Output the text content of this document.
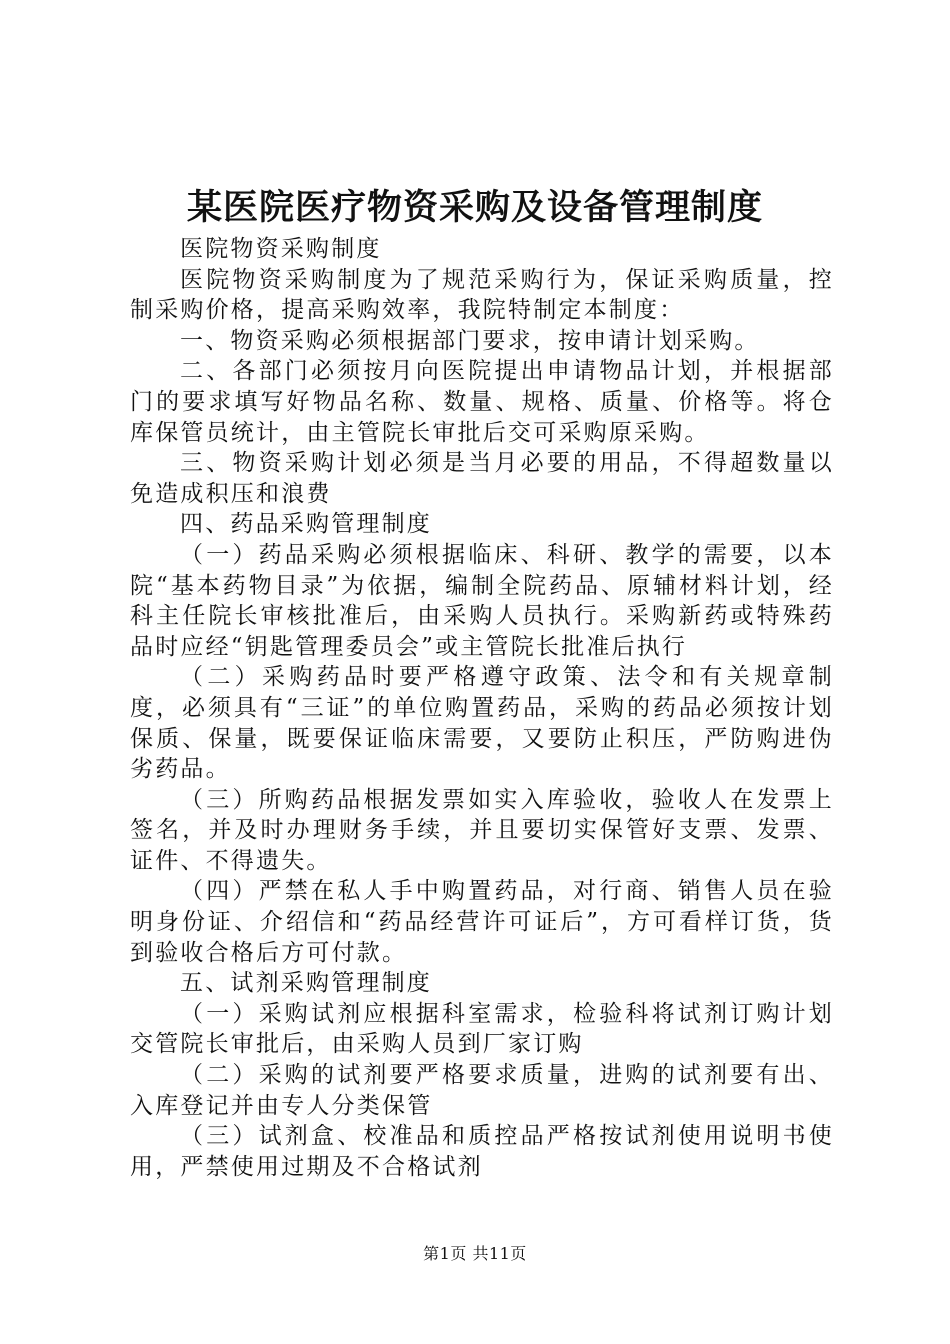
某医院医疗物资采购及设备管理制度

医院物资采购制度

医院物资采购制度为了规范采购行为，保证采购质量，控制采购价格，提高采购效率，我院特制定本制度：

一、物资采购必须根据部门要求，按申请计划采购。

二、各部门必须按月向医院提出申请物品计划，并根据部门的要求填写好物品名称、数量、规格、质量、价格等。将仓库保管员统计，由主管院长审批后交可采购原采购。

三、物资采购计划必须是当月必要的用品，不得超数量以免造成积压和浪费

四、药品采购管理制度

（一）药品采购必须根据临床、科研、教学的需要，以本院“基本药物目录”为依据，编制全院药品、原辅材料计划，经科主任院长审核批准后，由采购人员执行。采购新药或特殊药品时应经“钥匙管理委员会”或主管院长批准后执行

（二）采购药品时要严格遵守政策、法令和有关规章制度，必须具有“三证”的单位购置药品，采购的药品必须按计划保质、保量，既要保证临床需要，又要防止积压，严防购进伪劣药品。

（三）所购药品根据发票如实入库验收，验收人在发票上签名，并及时办理财务手续，并且要切实保管好支票、发票、证件、不得遗失。

（四）严禁在私人手中购置药品，对行商、销售人员在验明身份证、介绍信和“药品经营许可证后”，方可看样订货，货到验收合格后方可付款。

五、试剂采购管理制度

（一）采购试剂应根据科室需求，检验科将试剂订购计划交管院长审批后，由采购人员到厂家订购

（二）采购的试剂要严格要求质量，进购的试剂要有出、入库登记并由专人分类保管

（三）试剂盒、校准品和质控品严格按试剂使用说明书使用，严禁使用过期及不合格试剂

第1页 共11页
